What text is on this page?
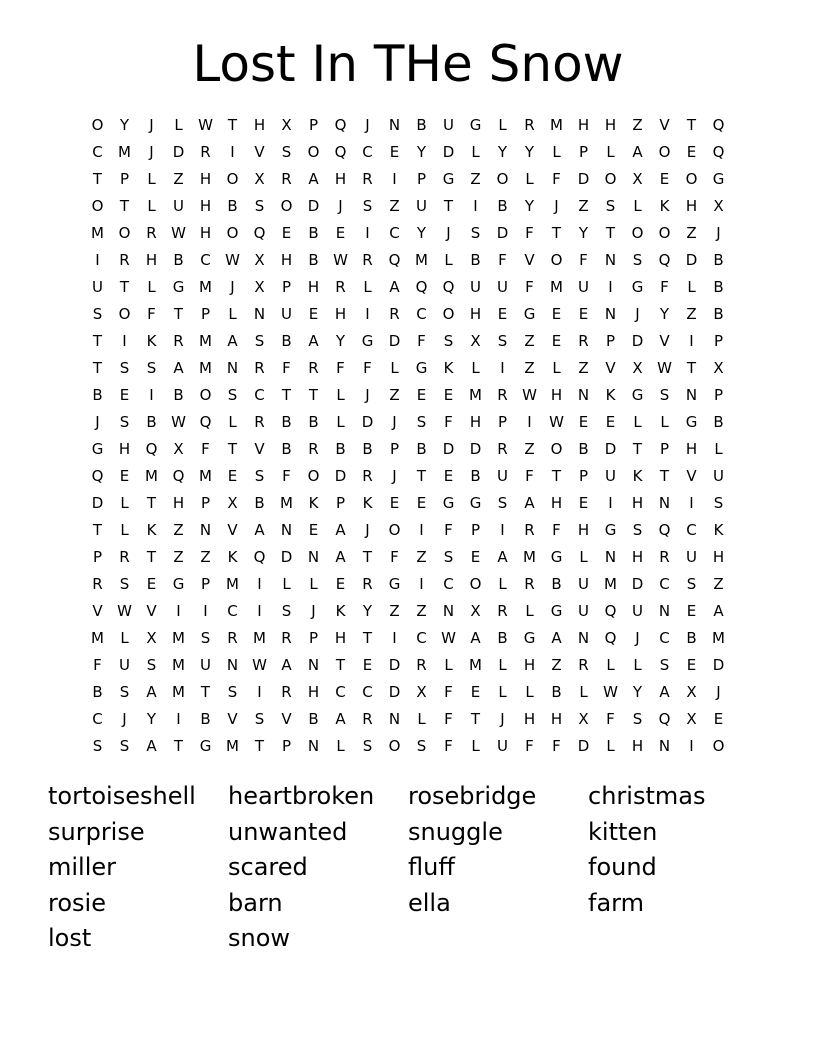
Lost In THe Snow
O Y J L W T H X P Q J N B U G L R M H H Z V T Q
C M J D R I V S O Q C E Y D L Y Y L P L A O E Q
T P L Z H O X R A H R I P G Z O L F D O X E O G
O T L U H B S O D J S Z U T I B Y J Z S L K H X
M O R W H O Q E B E I C Y J S D F T Y T O O Z J
I R H B C W X H B W R Q M L B F V O F N S Q D B
U T L G M J X P H R L A Q Q U U F M U I G F L B
S O F T P L N U E H I R C O H E G E E N J Y Z B
T I K R M A S B A Y G D F S X S Z E R P D V I P
T S S A M N R F R F F L G K L I Z L Z V X W T X
B E I B O S C T T L J Z E E M R W H N K G S N P
J S B W Q L R B B L D J S F H P I W E E L L G B
G H Q X F T V B R B B P B D D R Z O B D T P H L
Q E M Q M E S F O D R J T E B U F T P U K T V U
D L T H P X B M K P K E E G G S A H E I H N I S
T L K Z N V A N E A J O I F P I R F H G S Q C K
P R T Z Z K Q D N A T F Z S E A M G L N H R U H
R S E G P M I L L E R G I C O L R B U M D C S Z
V W V I I C I S J K Y Z Z N X R L G U Q U N E A
M L X M S R M R P H T I C W A B G A N Q J C B M
F U S M U N W A N T E D R L M L H Z R L L S E D
B S A M T S I R H C C D X F E L L B L W Y A X J
C J Y I B V S V B A R N L F T J H H X F S Q X E
S S A T G M T P N L S O S F L U F F D L H N I O
tortoiseshell heartbroken rosebridge christmas
surprise	unwanted	snuggle	kitten
miller	scared	fluff	found
rosie	barn	ella	farm
lost	snow
